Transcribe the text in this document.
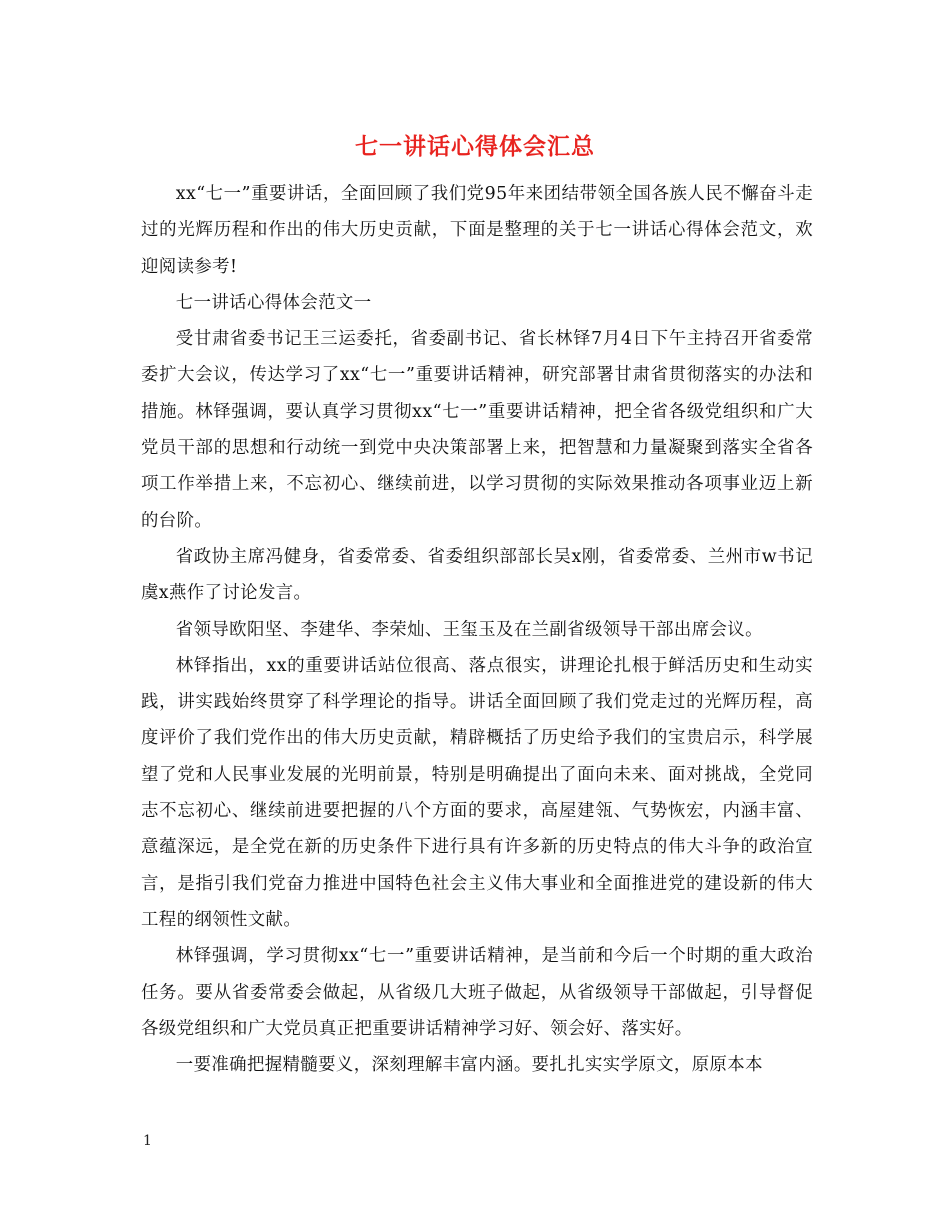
七一讲话心得体会汇总

xx“七一”重要讲话，全面回顾了我们党95年来团结带领全国各族人民不懈奋斗走过的光辉历程和作出的伟大历史贡献，下面是整理的关于七一讲话心得体会范文，欢迎阅读参考!

七一讲话心得体会范文一

受甘肃省委书记王三运委托，省委副书记、省长林铎7月4日下午主持召开省委常委扩大会议，传达学习了xx“七一”重要讲话精神，研究部署甘肃省贯彻落实的办法和措施。林铎强调，要认真学习贯彻xx“七一”重要讲话精神，把全省各级党组织和广大党员干部的思想和行动统一到党中央决策部署上来，把智慧和力量凝聚到落实全省各项工作举措上来，不忘初心、继续前进，以学习贯彻的实际效果推动各项事业迈上新的台阶。

省政协主席冯健身，省委常委、省委组织部部长吴x刚，省委常委、兰州市w书记虞x燕作了讨论发言。

省领导欧阳坚、李建华、李荣灿、王玺玉及在兰副省级领导干部出席会议。

林铎指出，xx的重要讲话站位很高、落点很实，讲理论扎根于鲜活历史和生动实践，讲实践始终贯穿了科学理论的指导。讲话全面回顾了我们党走过的光辉历程，高度评价了我们党作出的伟大历史贡献，精辟概括了历史给予我们的宝贵启示，科学展望了党和人民事业发展的光明前景，特别是明确提出了面向未来、面对挑战，全党同志不忘初心、继续前进要把握的八个方面的要求，高屋建瓴、气势恢宏，内涵丰富、意蕴深远，是全党在新的历史条件下进行具有许多新的历史特点的伟大斗争的政治宣言，是指引我们党奋力推进中国特色社会主义伟大事业和全面推进党的建设新的伟大工程的纲领性文献。

林铎强调，学习贯彻xx“七一”重要讲话精神，是当前和今后一个时期的重大政治任务。要从省委常委会做起，从省级几大班子做起，从省级领导干部做起，引导督促各级党组织和广大党员真正把重要讲话精神学习好、领会好、落实好。

一要准确把握精髓要义，深刻理解丰富内涵。要扎扎实实学原文，原原本本

1
